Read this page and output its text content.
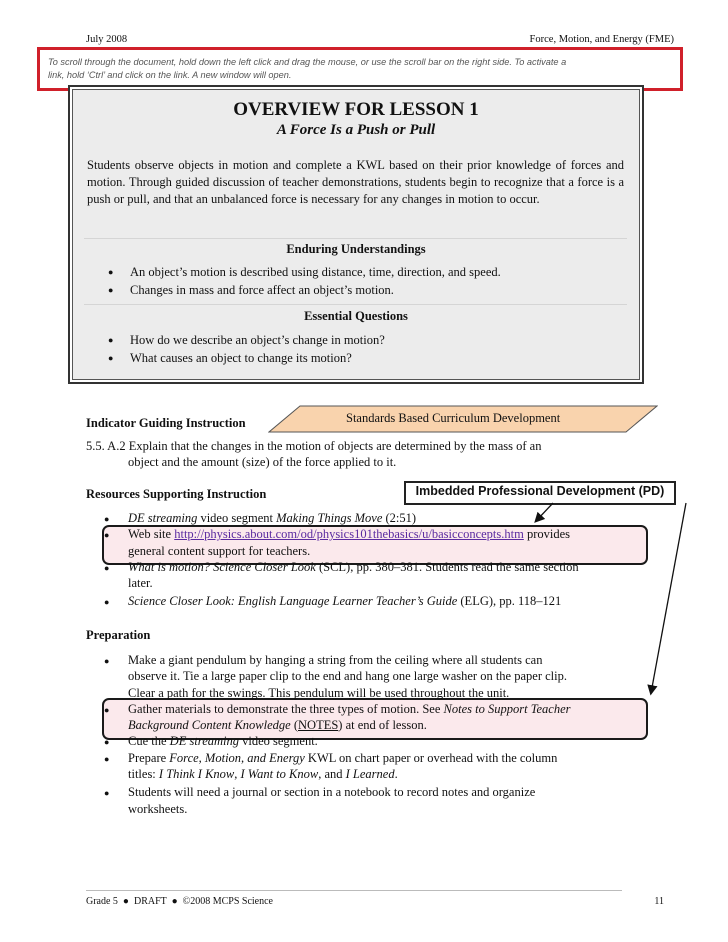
July 2008	Force, Motion, and Energy (FME)
To scroll through the document, hold down the left click and drag the mouse, or use the scroll bar on the right side. To activate a
link, hold ‘Ctrl’ and click on the link. A new window will open.
OVERVIEW FOR LESSON 1
A Force Is a Push or Pull
Students observe objects in motion and complete a KWL based on their prior knowledge of forces and motion. Through guided discussion of teacher demonstrations, students begin to recognize that a force is a push or pull, and that an unbalanced force is necessary for any changes in motion to occur.
Enduring Understandings
● An object’s motion is described using distance, time, direction, and speed.
● Changes in mass and force affect an object’s motion.
Essential Questions
● How do we describe an object’s change in motion?
● What causes an object to change its motion?
Standards Based Curriculum Development
Indicator Guiding Instruction
5.5. A.2 Explain that the changes in the motion of objects are determined by the mass of an
object and the amount (size) of the force applied to it.
Imbedded Professional Development (PD)
Resources Supporting Instruction
● DE streaming video segment Making Things Move (2:51)
● Web site http://physics.about.com/od/physics101thebasics/u/basicconcepts.htm provides
general content support for teachers.
● What is motion? Science Closer Look (SCL), pp. 380–381. Students read the same section
later.
● Science Closer Look: English Language Learner Teacher’s Guide (ELG), pp. 118–121
Preparation
● Make a giant pendulum by hanging a string from the ceiling where all students can
observe it. Tie a large paper clip to the end and hang one large washer on the paper clip.
Clear a path for the swings. This pendulum will be used throughout the unit.
● Gather materials to demonstrate the three types of motion. See Notes to Support Teacher
Background Content Knowledge (NOTES) at end of lesson.
● Cue the DE streaming video segment.
● Prepare Force, Motion, and Energy KWL on chart paper or overhead with the column
titles: I Think I Know, I Want to Know, and I Learned.
● Students will need a journal or section in a notebook to record notes and organize
worksheets.
Grade 5  ●  DRAFT  ●  ©2008 MCPS Science	11
